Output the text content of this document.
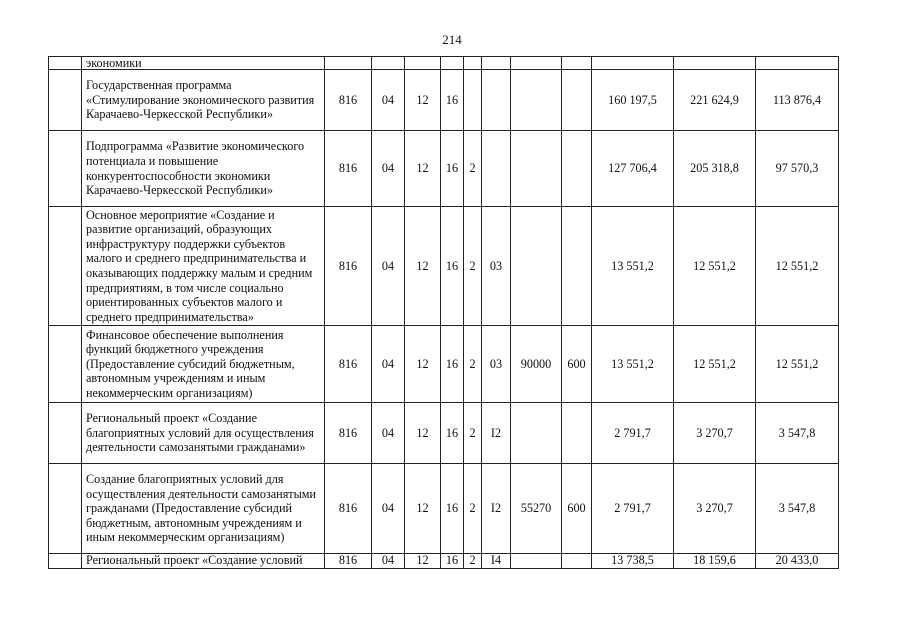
214
	экономики											
	Государственная программа «Стимулирование экономического развития Карачаево-Черкесской Республики»	816	04	12	16					160 197,5	221 624,9	113 876,4
	Подпрограмма «Развитие экономического потенциала и повышение конкурентоспособности экономики Карачаево-Черкесской Республики»	816	04	12	16	2				127 706,4	205 318,8	97 570,3
	Основное мероприятие «Создание и развитие организаций, образующих инфраструктуру поддержки субъектов малого и среднего предпринимательства и оказывающих поддержку малым и средним предприятиям, в том числе социально ориентированных субъектов малого и среднего предпринимательства»	816	04	12	16	2	03			13 551,2	12 551,2	12 551,2
	Финансовое обеспечение выполнения функций бюджетного учреждения (Предоставление субсидий бюджетным, автономным учреждениям и иным некоммерческим организациям)	816	04	12	16	2	03	90000	600	13 551,2	12 551,2	12 551,2
	Региональный проект «Создание благоприятных условий для осуществления деятельности самозанятыми гражданами»	816	04	12	16	2	I2			2 791,7	3 270,7	3 547,8
	Создание благоприятных условий для осуществления деятельности самозанятыми гражданами (Предоставление субсидий бюджетным, автономным учреждениям и иным некоммерческим организациям)	816	04	12	16	2	I2	55270	600	2 791,7	3 270,7	3 547,8
	Региональный проект «Создание условий	816	04	12	16	2	I4			13 738,5	18 159,6	20 433,0
